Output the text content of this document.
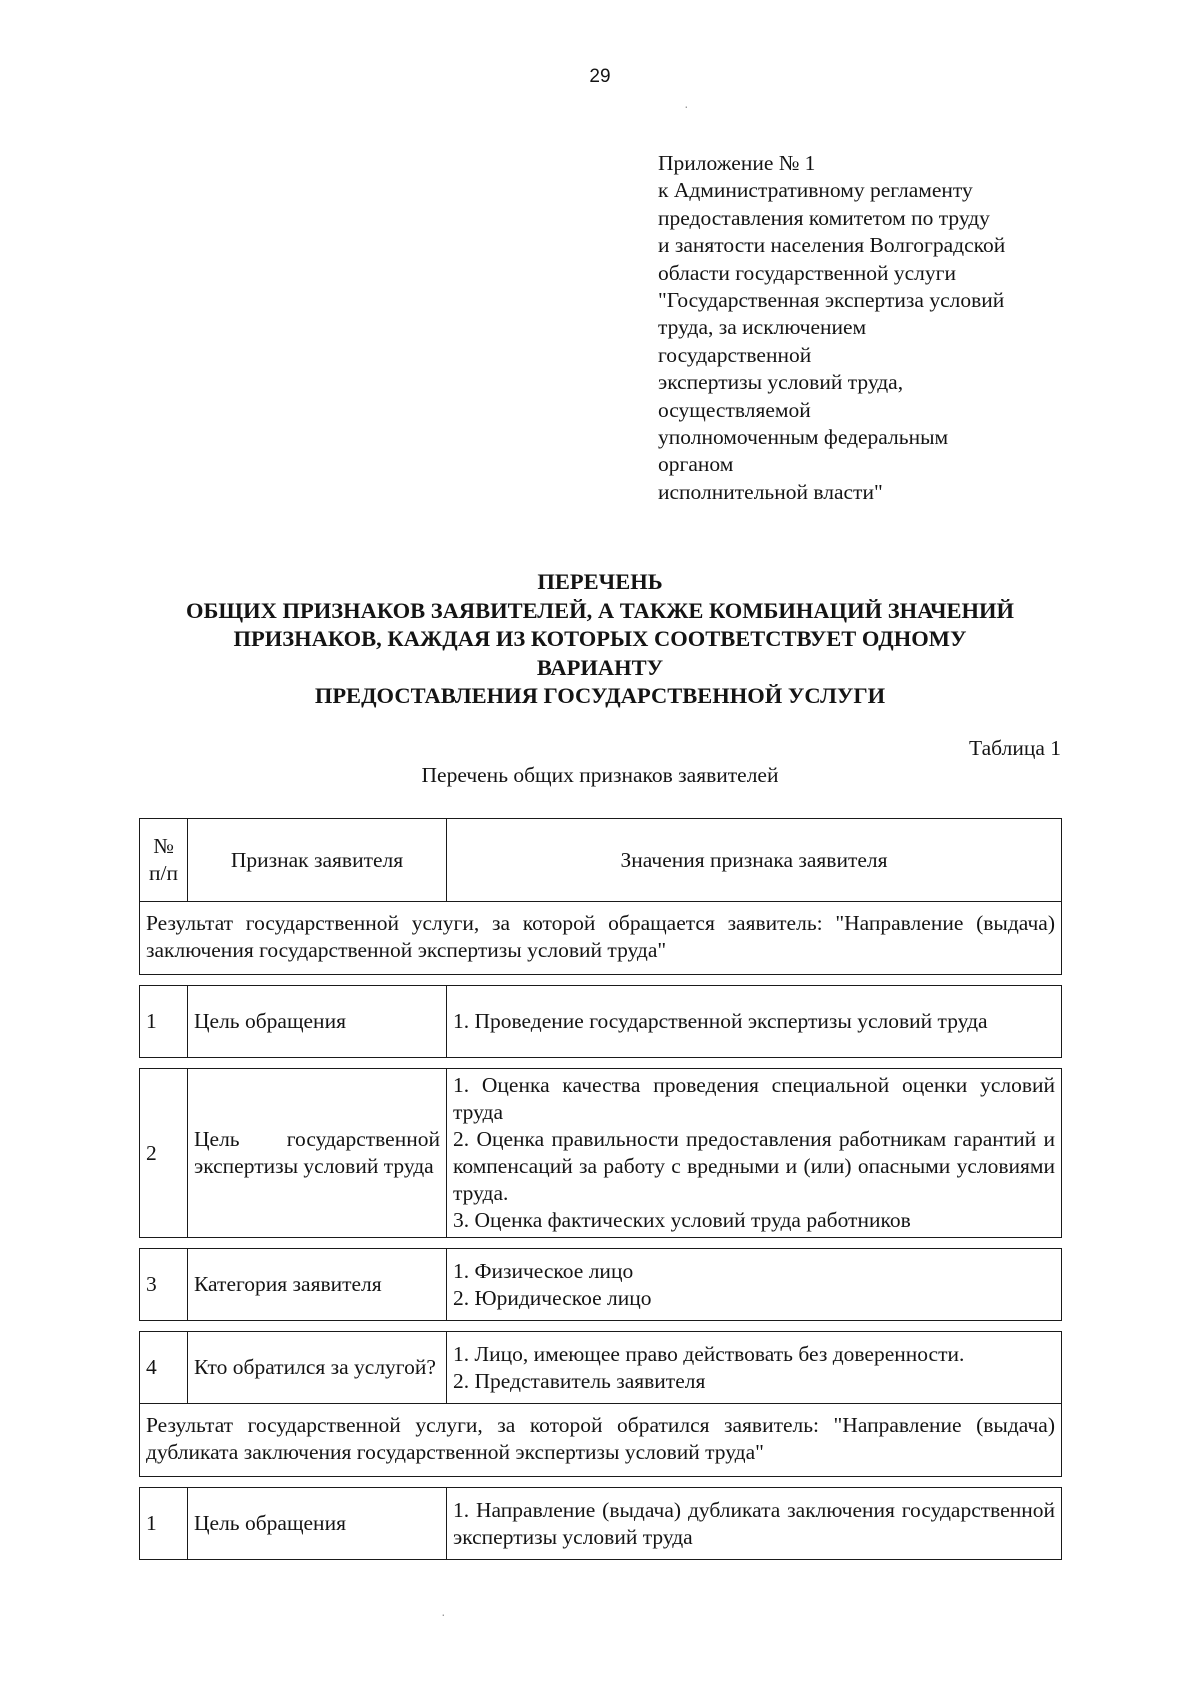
29
Приложение № 1
к Административному регламенту
предоставления комитетом по труду
и занятости населения Волгоградской
области государственной услуги
"Государственная экспертиза условий
труда, за исключением
государственной
экспертизы условий труда,
осуществляемой
уполномоченным федеральным
органом
исполнительной власти"
ПЕРЕЧЕНЬ
ОБЩИХ ПРИЗНАКОВ ЗАЯВИТЕЛЕЙ, А ТАКЖЕ КОМБИНАЦИЙ ЗНАЧЕНИЙ
ПРИЗНАКОВ, КАЖДАЯ ИЗ КОТОРЫХ СООТВЕТСТВУЕТ ОДНОМУ
ВАРИАНТУ
ПРЕДОСТАВЛЕНИЯ ГОСУДАРСТВЕННОЙ УСЛУГИ
Таблица 1
Перечень общих признаков заявителей
№
п/п	Признак заявителя	Значения признака заявителя
Результат государственной услуги, за которой обращается заявитель: "Направление (выдача) заключения государственной экспертизы условий труда"		

1	Цель обращения	1. Проведение государственной экспертизы условий труда

2	Цель государственной экспертизы условий труда	1. Оценка качества проведения специальной оценки условий труда
2. Оценка правильности предоставления работникам гарантий и компенсаций за работу с вредными и (или) опасными условиями труда.
3. Оценка фактических условий труда работников

3	Категория заявителя	1. Физическое лицо
2. Юридическое лицо

4	Кто обратился за услугой?	1. Лицо, имеющее право действовать без доверенности.
2. Представитель заявителя

Результат государственной услуги, за которой обратился заявитель: "Направление (выдача) дубликата заключения государственной экспертизы условий труда"		

1	Цель обращения	1. Направление (выдача) дубликата заключения государственной экспертизы условий труда
·
·
